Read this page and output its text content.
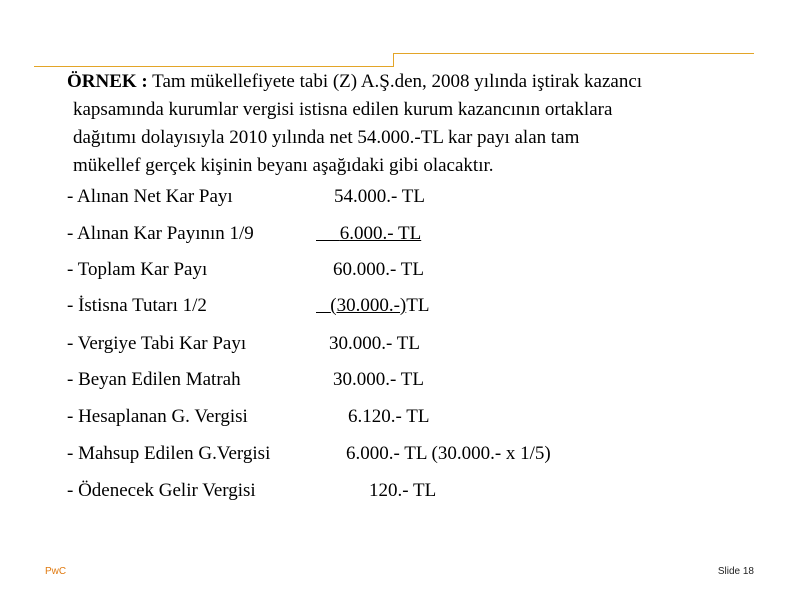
ÖRNEK : Tam mükellefiyete tabi (Z) A.Ş.den, 2008 yılında iştirak kazancı
kapsamında kurumlar vergisi istisna edilen kurum kazancının ortaklara
dağıtımı dolayısıyla 2010 yılında net 54.000.-TL kar payı alan tam
mükellef gerçek kişinin beyanı aşağıdaki gibi olacaktır.
- Alınan Net Kar Payı	54.000.- TL
- Alınan Kar Payının 1/9	6.000.- TL
- Toplam Kar Payı	60.000.- TL
- İstisna Tutarı 1/2	(30.000.-)TL
- Vergiye Tabi Kar Payı	30.000.- TL
- Beyan Edilen Matrah	30.000.- TL
- Hesaplanan G. Vergisi	6.120.- TL
- Mahsup Edilen G.Vergisi	6.000.- TL (30.000.- x 1/5)
- Ödenecek Gelir Vergisi	120.- TL
PwC	Slide 18
